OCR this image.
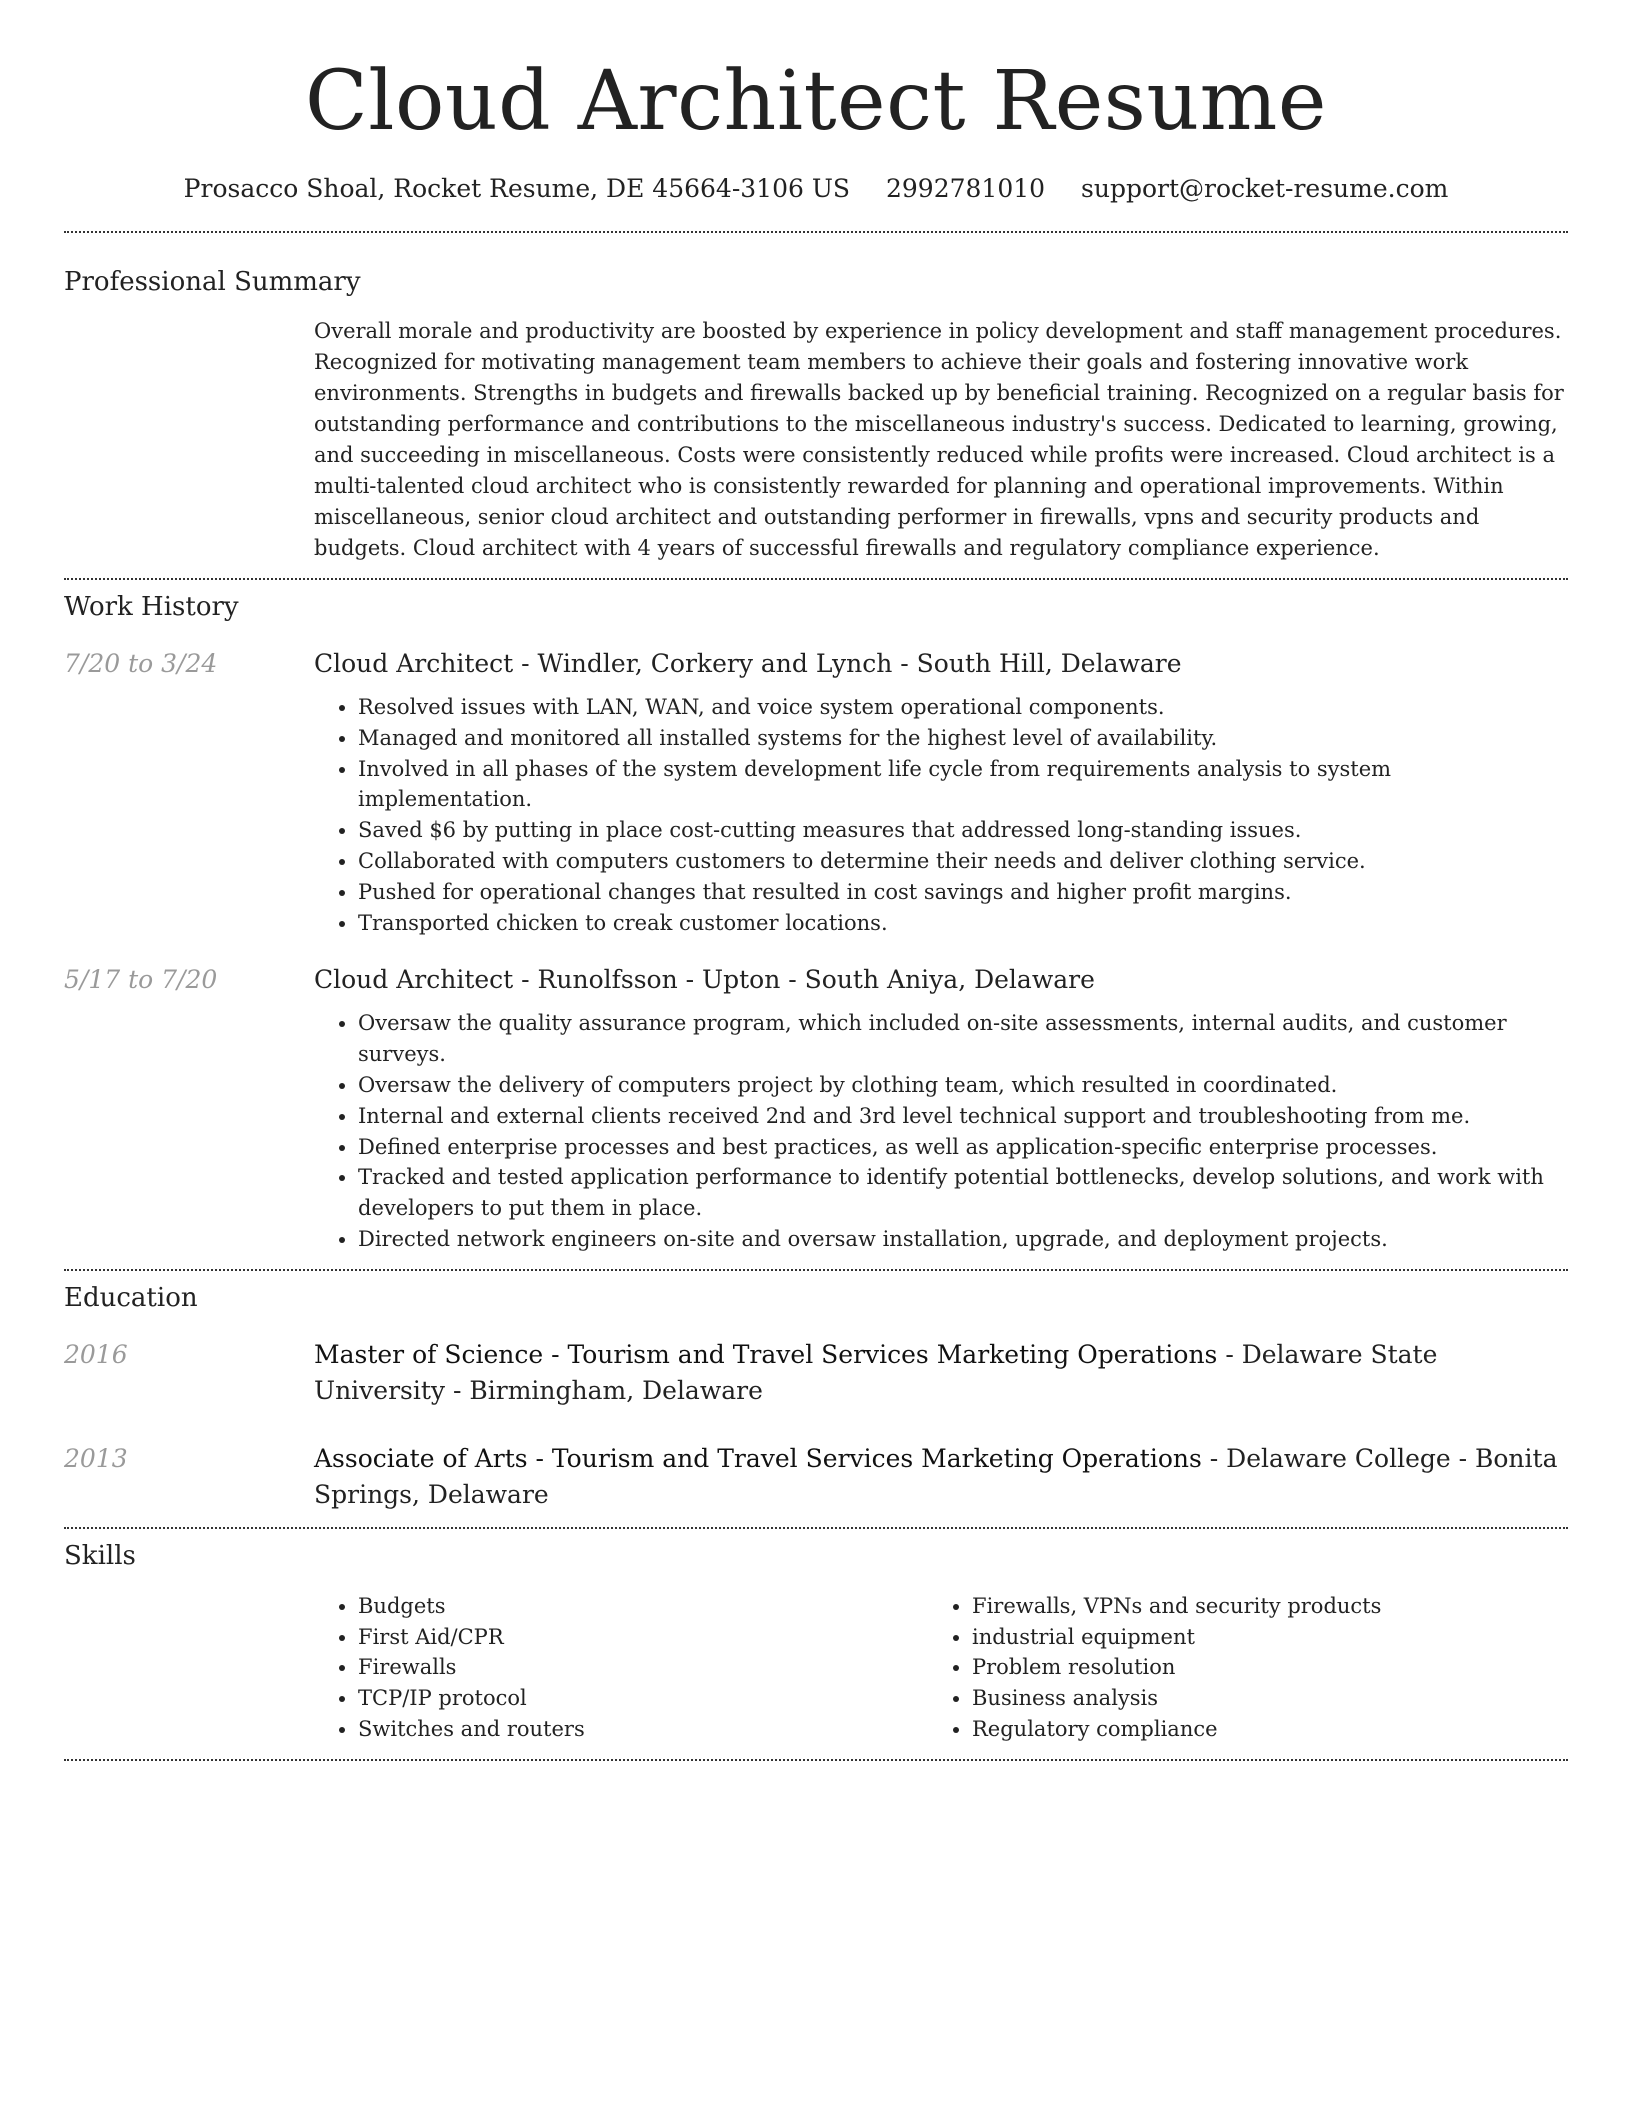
Cloud Architect Resume
Prosacco Shoal, Rocket Resume, DE 45664-3106 US 2992781010 support@rocket-resume.com
Professional Summary

Overall morale and productivity are boosted by experience in policy development and staff management procedures. Recognized for motivating management team members to achieve their goals and fostering innovative work environments. Strengths in budgets and firewalls backed up by beneficial training. Recognized on a regular basis for outstanding performance and contributions to the miscellaneous industry's success. Dedicated to learning, growing, and succeeding in miscellaneous. Costs were consistently reduced while profits were increased. Cloud architect is a multi-talented cloud architect who is consistently rewarded for planning and operational improvements. Within miscellaneous, senior cloud architect and outstanding performer in firewalls, vpns and security products and budgets. Cloud architect with 4 years of successful firewalls and regulatory compliance experience.

Work History
7/20 to 3/24	Cloud Architect - Windler, Corkery and Lynch - South Hill, Delaware

• Resolved issues with LAN, WAN, and voice system operational components.
• Managed and monitored all installed systems for the highest level of availability.
• Involved in all phases of the system development life cycle from requirements analysis to system implementation.
• Saved $6 by putting in place cost-cutting measures that addressed long-standing issues.
• Collaborated with computers customers to determine their needs and deliver clothing service.
• Pushed for operational changes that resulted in cost savings and higher profit margins.
• Transported chicken to creak customer locations.
5/17 to 7/20	Cloud Architect - Runolfsson - Upton - South Aniya, Delaware

• Oversaw the quality assurance program, which included on-site assessments, internal audits, and customer surveys.
• Oversaw the delivery of computers project by clothing team, which resulted in coordinated.
• Internal and external clients received 2nd and 3rd level technical support and troubleshooting from me.
• Defined enterprise processes and best practices, as well as application-specific enterprise processes.
• Tracked and tested application performance to identify potential bottlenecks, develop solutions, and work with developers to put them in place.
• Directed network engineers on-site and oversaw installation, upgrade, and deployment projects.
Education
2016	Master of Science - Tourism and Travel Services Marketing Operations - Delaware State University - Birmingham, Delaware

2013	Associate of Arts - Tourism and Travel Services Marketing Operations - Delaware College - Bonita Springs, Delaware

Skills
• Budgets
• First Aid/CPR
• Firewalls
• TCP/IP protocol
• Switches and routers
• Firewalls, VPNs and security products
• industrial equipment
• Problem resolution
• Business analysis
• Regulatory compliance
